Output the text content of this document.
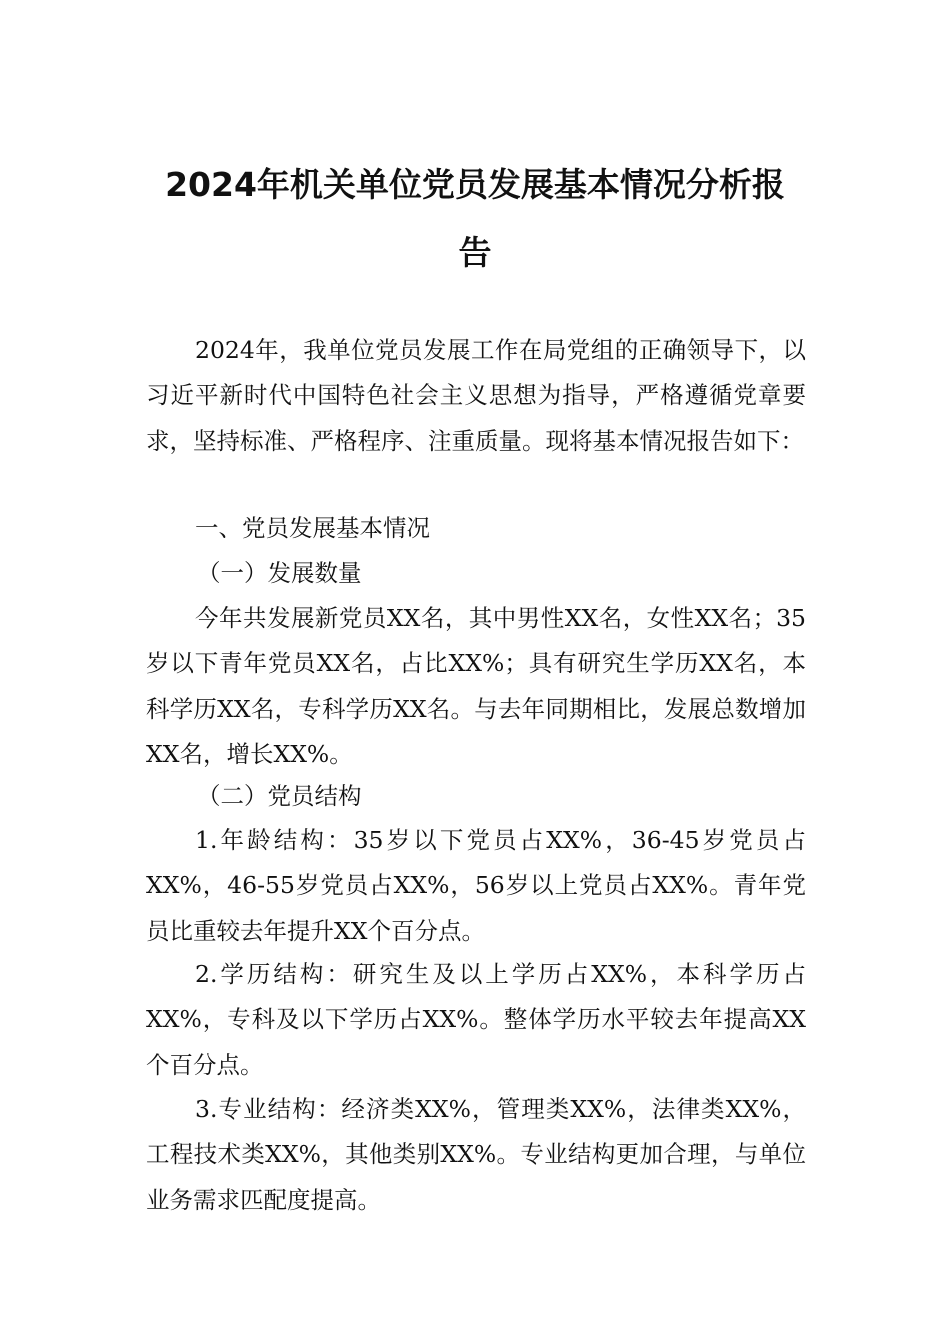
2024年机关单位党员发展基本情况分析报
告

2024年，我单位党员发展工作在局党组的正确领导下，以习近平新时代中国特色社会主义思想为指导，严格遵循党章要求，坚持标准、严格程序、注重质量。现将基本情况报告如下：

一、党员发展基本情况

（一）发展数量

今年共发展新党员XX名，其中男性XX名，女性XX名；35岁以下青年党员XX名，占比XX%；具有研究生学历XX名，本科学历XX名，专科学历XX名。与去年同期相比，发展总数增加XX名，增长XX%。

（二）党员结构

1.年龄结构：35岁以下党员占XX%，36-45岁党员占XX%，46-55岁党员占XX%，56岁以上党员占XX%。青年党员比重较去年提升XX个百分点。

2.学历结构：研究生及以上学历占XX%，本科学历占XX%，专科及以下学历占XX%。整体学历水平较去年提高XX个百分点。

3.专业结构：经济类XX%，管理类XX%，法律类XX%，工程技术类XX%，其他类别XX%。专业结构更加合理，与单位业务需求匹配度提高。
